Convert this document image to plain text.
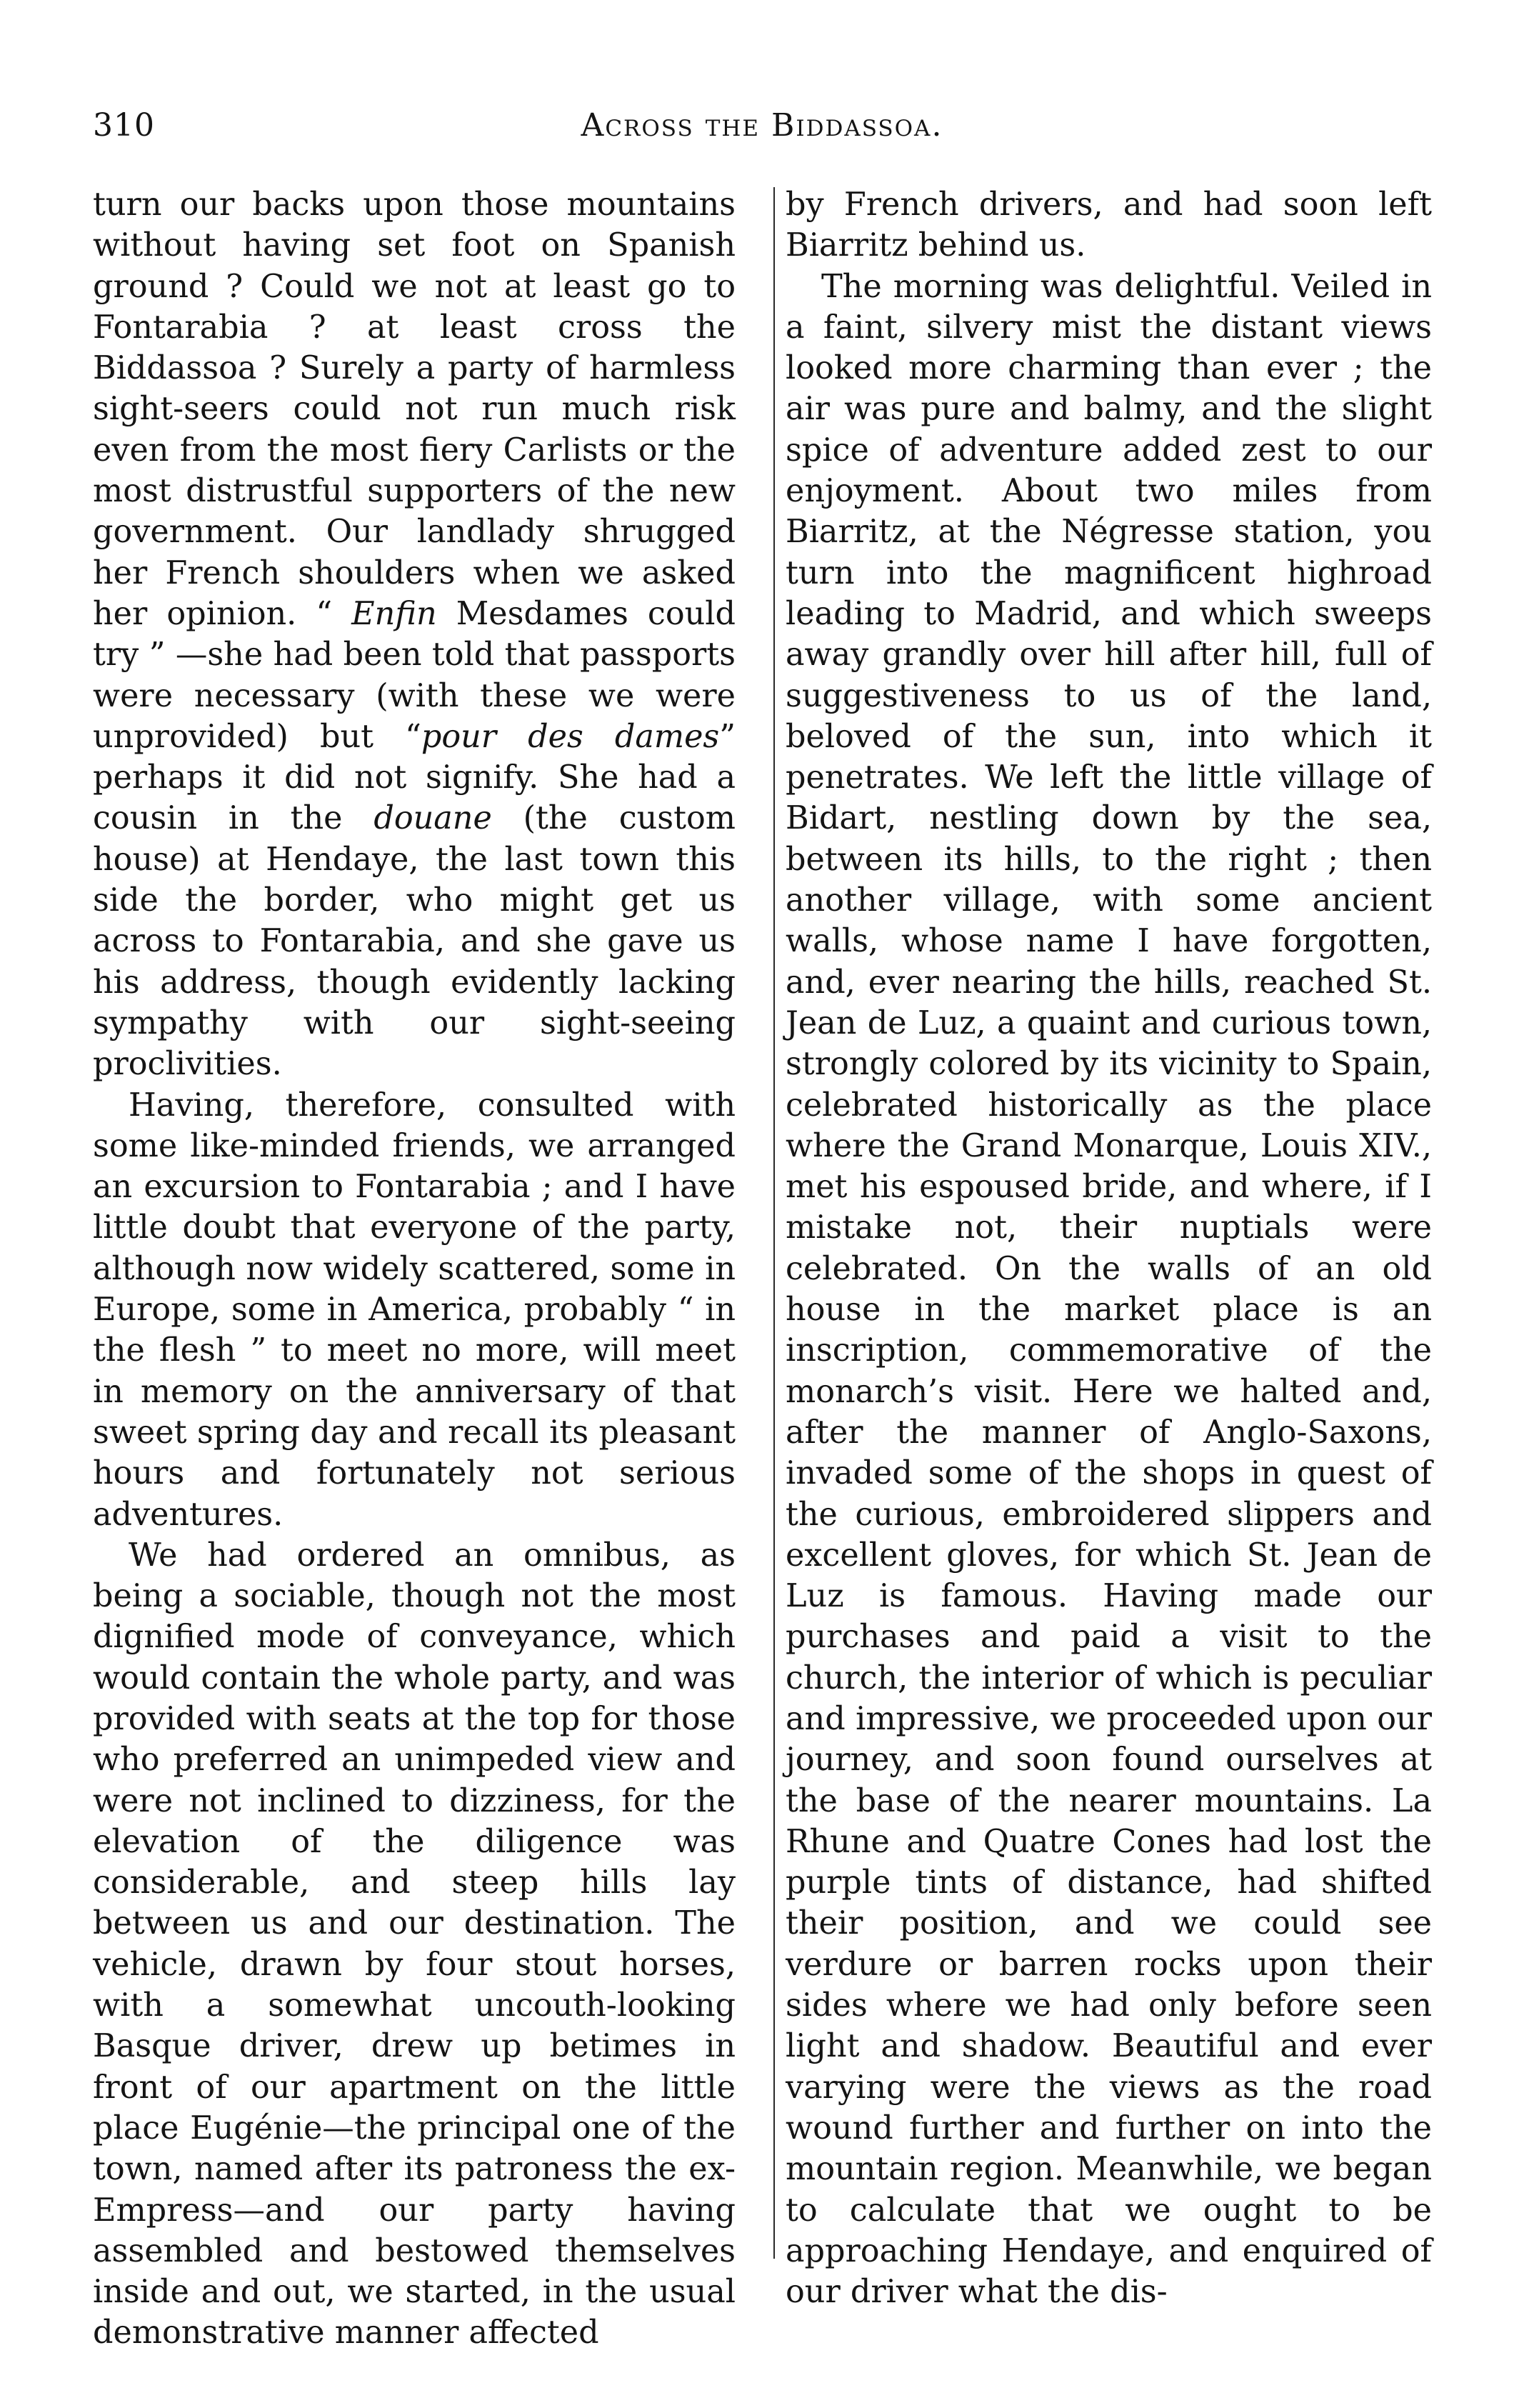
310	Across the Biddassoa.

turn our backs upon those mountains without having set foot on Spanish ground ? Could we not at least go to Fontarabia ? at least cross the Biddassoa ? Surely a party of harmless sight-seers could not run much risk even from the most fiery Carlists or the most distrustful supporters of the new government. Our landlady shrugged her French shoulders when we asked her opinion. “ Enfin Mesdames could try ” —she had been told that passports were necessary (with these we were unprovided) but “pour des dames” perhaps it did not signify. She had a cousin in the douane (the custom house) at Hendaye, the last town this side the border, who might get us across to Fontarabia, and she gave us his address, though evidently lacking sympathy with our sight-seeing proclivities.

Having, therefore, consulted with some like-minded friends, we arranged an excursion to Fontarabia ; and I have little doubt that everyone of the party, although now widely scattered, some in Europe, some in America, probably “ in the flesh ” to meet no more, will meet in memory on the anniversary of that sweet spring day and recall its pleasant hours and fortunately not serious adventures.

We had ordered an omnibus, as being a sociable, though not the most dignified mode of conveyance, which would contain the whole party, and was provided with seats at the top for those who preferred an unimpeded view and were not inclined to dizziness, for the elevation of the diligence was considerable, and steep hills lay between us and our destination. The vehicle, drawn by four stout horses, with a somewhat uncouth-looking Basque driver, drew up betimes in front of our apartment on the little place Eugénie—the principal one of the town, named after its patroness the ex-Empress—and our party having assembled and bestowed themselves inside and out, we started, in the usual demonstrative manner affected

by French drivers, and had soon left Biarritz behind us.

The morning was delightful. Veiled in a faint, silvery mist the distant views looked more charming than ever ; the air was pure and balmy, and the slight spice of adventure added zest to our enjoyment. About two miles from Biarritz, at the Négresse station, you turn into the magnificent highroad leading to Madrid, and which sweeps away grandly over hill after hill, full of suggestiveness to us of the land, beloved of the sun, into which it penetrates. We left the little village of Bidart, nestling down by the sea, between its hills, to the right ; then another village, with some ancient walls, whose name I have forgotten, and, ever nearing the hills, reached St. Jean de Luz, a quaint and curious town, strongly colored by its vicinity to Spain, celebrated historically as the place where the Grand Monarque, Louis XIV., met his espoused bride, and where, if I mistake not, their nuptials were celebrated. On the walls of an old house in the market place is an inscription, commemorative of the monarch’s visit. Here we halted and, after the manner of Anglo-Saxons, invaded some of the shops in quest of the curious, embroidered slippers and excellent gloves, for which St. Jean de Luz is famous. Having made our purchases and paid a visit to the church, the interior of which is peculiar and impressive, we proceeded upon our journey, and soon found ourselves at the base of the nearer mountains. La Rhune and Quatre Cones had lost the purple tints of distance, had shifted their position, and we could see verdure or barren rocks upon their sides where we had only before seen light and shadow. Beautiful and ever varying were the views as the road wound further and further on into the mountain region. Meanwhile, we began to calculate that we ought to be approaching Hendaye, and enquired of our driver what the dis-
